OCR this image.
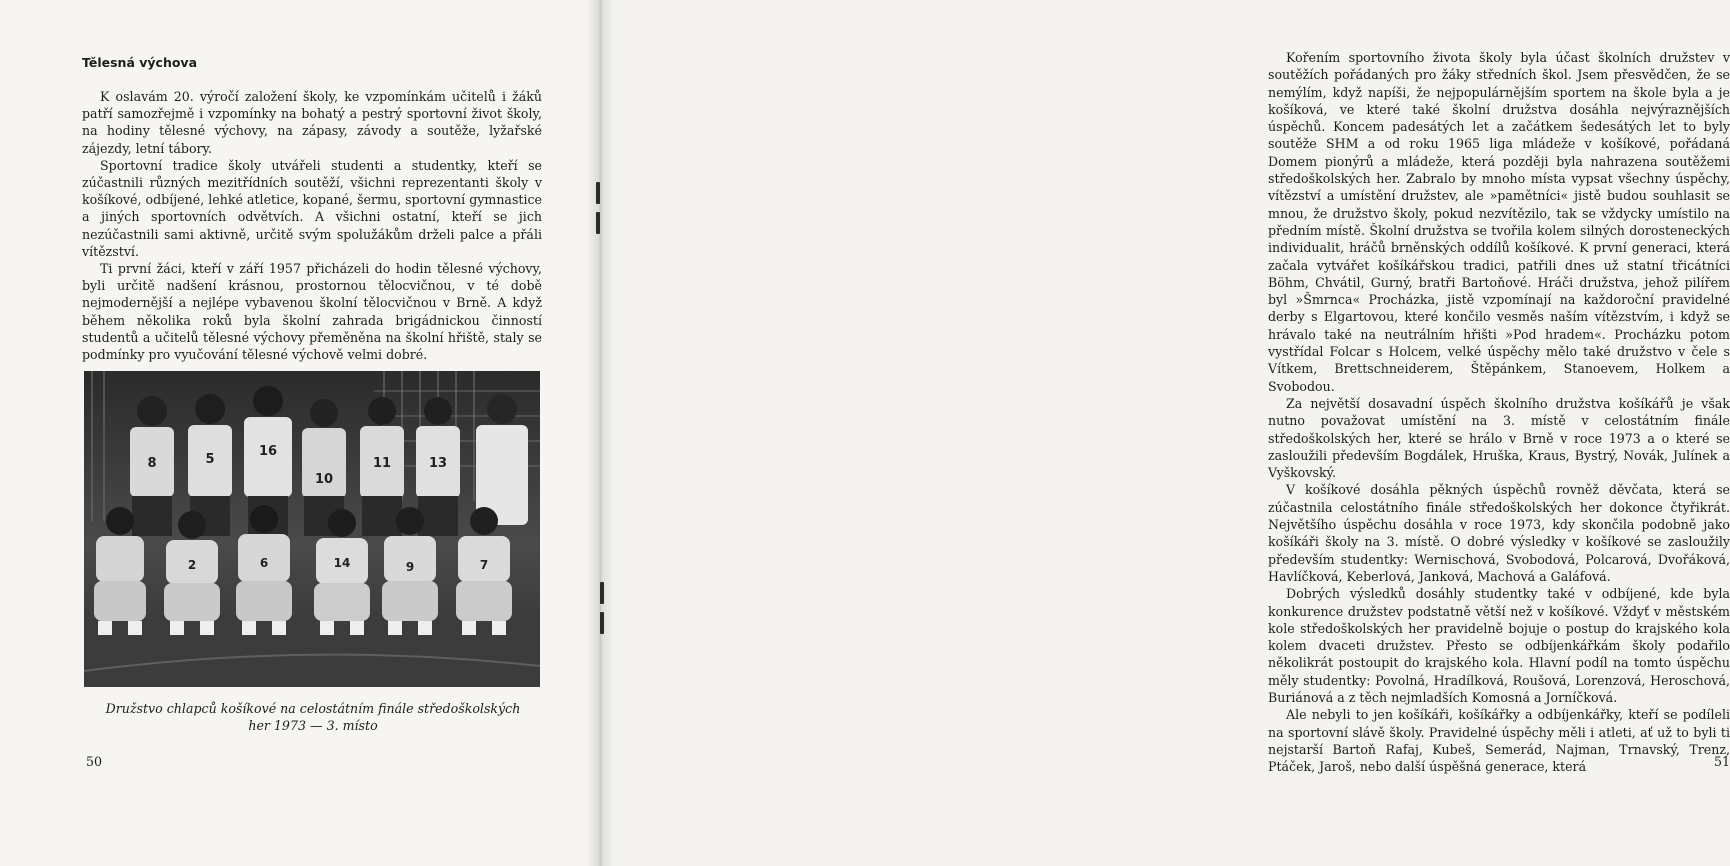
Tělesná výchova

K oslavám 20. výročí založení školy, ke vzpomínkám učitelů i žáků patří samozřejmě i vzpomínky na bohatý a pestrý sportovní život školy, na hodiny tělesné výchovy, na zápasy, závody a soutěže, lyžařské zájezdy, letní tábory.

Sportovní tradice školy utvářeli studenti a studentky, kteří se zúčastnili různých mezitřídních soutěží, všichni reprezentanti školy v košíkové, odbíjené, lehké atletice, kopané, šermu, sportovní gymnastice a jiných sportovních odvětvích. A všichni ostatní, kteří se jich nezúčastnili sami aktivně, určitě svým spolužákům drželi palce a přáli vítězství.

Ti první žáci, kteří v září 1957 přicházeli do hodin tělesné výchovy, byli určitě nadšení krásnou, prostornou tělocvičnou, v té době nejmodernější a nejlépe vybavenou školní tělocvičnou v Brně. A když během několika roků byla školní zahrada brigádnickou činností studentů a učitelů tělesné výchovy přeměněna na školní hřiště, staly se podmínky pro vyučování tělesné výchově velmi dobré.

8	5
16
10
11	13
2	6	14	9	7
Družstvo chlapců košíkové na celostátním finále středoškolských
her 1973 — 3. místo
50

Kořením sportovního života školy byla účast školních družstev v soutěžích pořádaných pro žáky středních škol. Jsem přesvědčen, že se nemýlím, když napíši, že nejpopulárnějším sportem na škole byla a je košíková, ve které také školní družstva dosáhla nejvýraznějších úspěchů. Koncem padesátých let a začátkem šedesátých let to byly soutěže SHM a od roku 1965 liga mládeže v košíkové, pořádaná Domem pionýrů a mládeže, která později byla nahrazena soutěžemi středoškolských her. Zabralo by mnoho místa vypsat všechny úspěchy, vítězství a umístění družstev, ale »pamětníci« jistě budou souhlasit se mnou, že družstvo školy, pokud nezvítězilo, tak se vždycky umístilo na předním místě. Školní družstva se tvořila kolem silných dorosteneckých individualit, hráčů brněnských oddílů košíkové. K první generaci, která začala vytvářet košíkářskou tradici, patřili dnes už statní třicátníci Böhm, Chvátil, Gurný, bratři Bartoňové. Hráči družstva, jehož pilířem byl »Šmrnca« Procházka, jistě vzpomínají na každoroční pravidelné derby s Elgartovou, které končilo vesměs naším vítězstvím, i když se hrávalo také na neutrálním hřišti »Pod hradem«. Procházku potom vystřídal Folcar s Holcem, velké úspěchy mělo také družstvo v čele s Vítkem, Brettschneiderem, Štěpánkem, Stanoevem, Holkem a Svobodou.

Za největší dosavadní úspěch školního družstva košíkářů je však nutno považovat umístění na 3. místě v celostátním finále středoškolských her, které se hrálo v Brně v roce 1973 a o které se zasloužili především Bogdálek, Hruška, Kraus, Bystrý, Novák, Julínek a Vyškovský.

V košíkové dosáhla pěkných úspěchů rovněž děvčata, která se zúčastnila celostátního finále středoškolských her dokonce čtyřikrát. Největšího úspěchu dosáhla v roce 1973, kdy skončila podobně jako košíkáři školy na 3. místě. O dobré výsledky v košíkové se zasloužily především studentky: Wernischová, Svobodová, Polcarová, Dvořáková, Havlíčková, Keberlová, Janková, Machová a Galáfová.

Dobrých výsledků dosáhly studentky také v odbíjené, kde byla konkurence družstev podstatně větší než v košíkové. Vždyť v městském kole středoškolských her pravidelně bojuje o postup do krajského kola kolem dvaceti družstev. Přesto se odbíjenkářkám školy podařilo několikrát postoupit do krajského kola. Hlavní podíl na tomto úspěchu měly studentky: Povolná, Hradílková, Roušová, Lorenzová, Heroschová, Buriánová a z těch nejmladších Komosná a Jorníčková.

Ale nebyli to jen košíkáři, košíkářky a odbíjenkářky, kteří se podíleli na sportovní slávě školy. Pravidelné úspěchy měli i atleti, ať už to byli ti nejstarší Bartoň Rafaj, Kubeš, Semerád, Najman, Trnavský, Trenz, Ptáček, Jaroš, nebo další úspěšná generace, která	51
